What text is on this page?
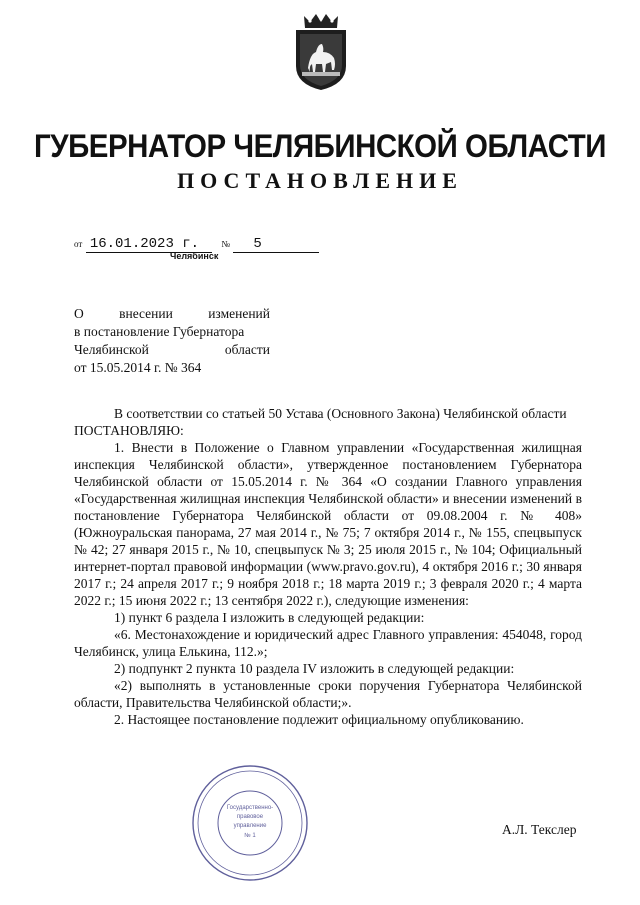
ГУБЕРНАТОР ЧЕЛЯБИНСКОЙ ОБЛАСТИ
ПОСТАНОВЛЕНИЕ
от 16.01.2023 г. № 5
Челябинск
О внесении изменений
в постановление Губернатора
Челябинской области
от 15.05.2014 г. № 364

В соответствии со статьей 50 Устава (Основного Закона) Челябинской области

ПОСТАНОВЛЯЮ:

1. Внести в Положение о Главном управлении «Государственная жилищная инспекция Челябинской области», утвержденное постановлением Губернатора Челябинской области от 15.05.2014 г. № 364 «О создании Главного управления «Государственная жилищная инспекция Челябинской области» и внесении изменений в постановление Губернатора Челябинской области от 09.08.2004 г. № 408» (Южноуральская панорама, 27 мая 2014 г., № 75; 7 октября 2014 г., № 155, спецвыпуск № 42; 27 января 2015 г., № 10, спецвыпуск № 3; 25 июля 2015 г., № 104; Официальный интернет-портал правовой информации (www.pravo.gov.ru), 4 октября 2016 г.; 30 января 2017 г.; 24 апреля 2017 г.; 9 ноября 2018 г.; 18 марта 2019 г.; 3 февраля 2020 г.; 4 марта 2022 г.; 15 июня 2022 г.; 13 сентября 2022 г.), следующие изменения:

1) пункт 6 раздела I изложить в следующей редакции:

«6. Местонахождение и юридический адрес Главного управления: 454048, город Челябинск, улица Елькина, 112.»;

2) подпункт 2 пункта 10 раздела IV изложить в следующей редакции:

«2) выполнять в установленные сроки поручения Губернатора Челябинской области, Правительства Челябинской области;».

2. Настоящее постановление подлежит официальному опубликованию.

Государственно-
правовое
управление
№ 1	А.Л. Текслер
